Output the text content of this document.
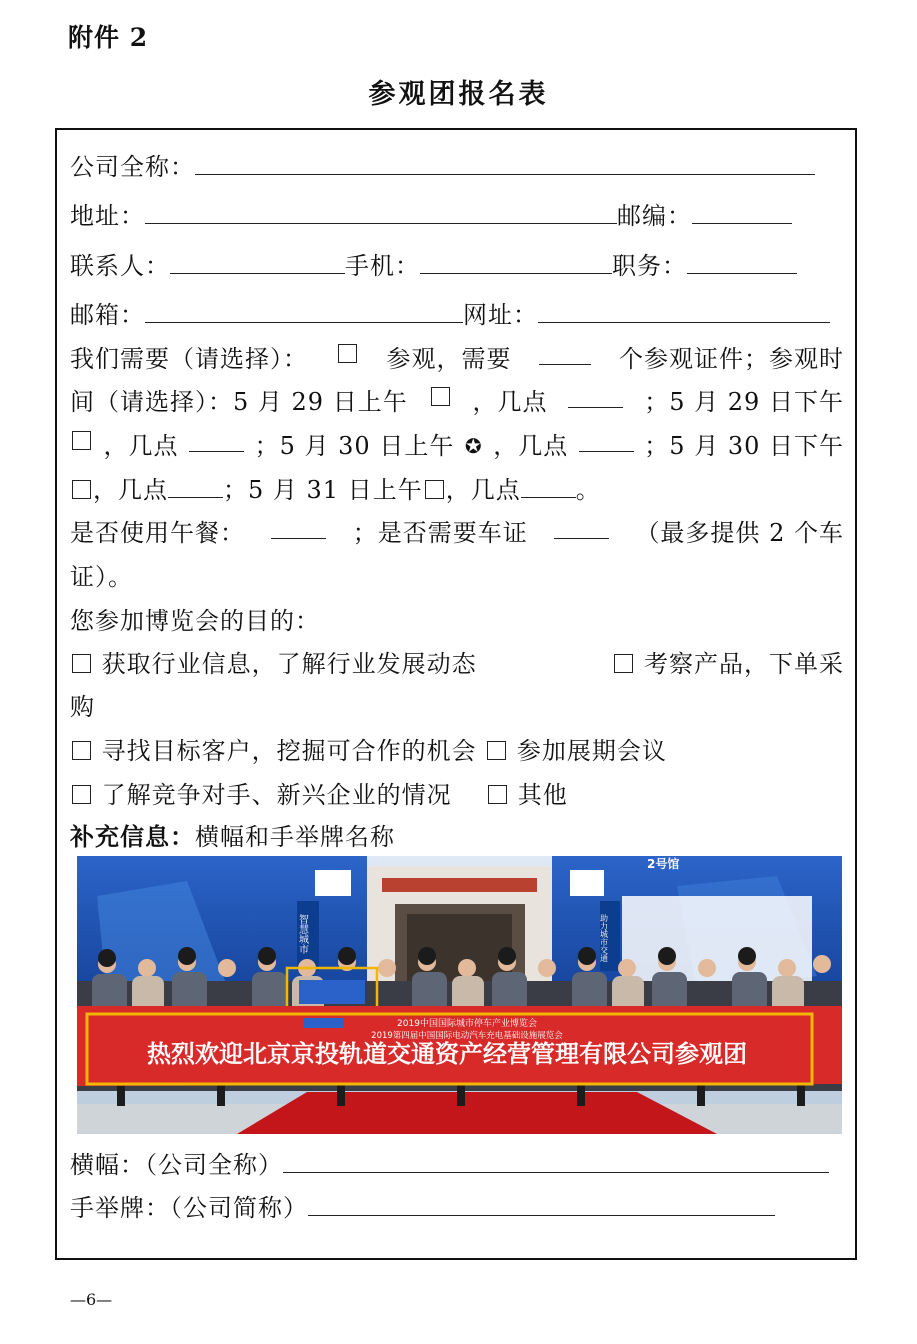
附件 2
参观团报名表
公司全称：
地址：	邮编：
联系人：	手机：	职务：
邮箱：	网址：
我们需要（请选择）：	参观，需要	个参观证件；参观时
间（请选择）：5 月 29 日上午	，几点	；5 月 29 日下午
，几点	；5 月 30 日上午 ✪ ，几点	；5 月 30 日下午
，几点 ；5 月 31 日上午 ，几点 。
是否使用午餐：	；是否需要车证	（最多提供 2 个车
证）。
您参加博览会的目的：
获取行业信息，了解行业发展动态	考察产品，下单采
购
寻找目标客户，挖掘可合作的机会 参加展期会议
了解竞争对手、新兴企业的情况	其他
补充信息：横幅和手举牌名称
智慧城市	助力城市交通
2号馆
2019中国国际城市停车产业博览会
2019第四届中国国际电动汽车充电基础设施展览会
热烈欢迎北京京投轨道交通资产经营管理有限公司参观团
横幅：（公司全称）
手举牌：（公司简称）
—6—
